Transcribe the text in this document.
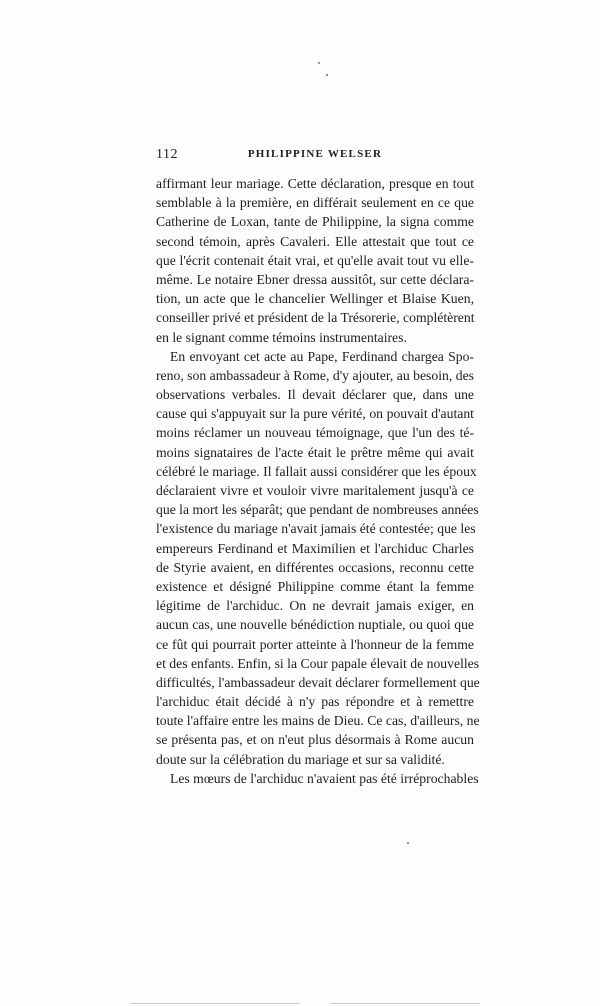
112	PHILIPPINE WELSER
affirmant leur mariage. Cette déclaration, presque en tout
semblable à la première, en différait seulement en ce que
Catherine de Loxan, tante de Philippine, la signa comme
second témoin, après Cavaleri. Elle attestait que tout ce
que l'écrit contenait était vrai, et qu'elle avait tout vu elle-
même. Le notaire Ebner dressa aussitôt, sur cette déclara-
tion, un acte que le chancelier Wellinger et Blaise Kuen,
conseiller privé et président de la Trésorerie, complétèrent
en le signant comme témoins instrumentaires.
En envoyant cet acte au Pape, Ferdinand chargea Spo-
reno, son ambassadeur à Rome, d'y ajouter, au besoin, des
observations verbales. Il devait déclarer que, dans une
cause qui s'appuyait sur la pure vérité, on pouvait d'autant
moins réclamer un nouveau témoignage, que l'un des té-
moins signataires de l'acte était le prêtre même qui avait
célébré le mariage. Il fallait aussi considérer que les époux
déclaraient vivre et vouloir vivre maritalement jusqu'à ce
que la mort les séparât; que pendant de nombreuses années
l'existence du mariage n'avait jamais été contestée; que les
empereurs Ferdinand et Maximilien et l'archiduc Charles
de Styrie avaient, en différentes occasions, reconnu cette
existence et désigné Philippine comme étant la femme
légitime de l'archiduc. On ne devrait jamais exiger, en
aucun cas, une nouvelle bénédiction nuptiale, ou quoi que
ce fût qui pourrait porter atteinte à l'honneur de la femme
et des enfants. Enfin, si la Cour papale élevait de nouvelles
difficultés, l'ambassadeur devait déclarer formellement que
l'archiduc était décidé à n'y pas répondre et à remettre
toute l'affaire entre les mains de Dieu. Ce cas, d'ailleurs, ne
se présenta pas, et on n'eut plus désormais à Rome aucun
doute sur la célébration du mariage et sur sa validité.
Les mœurs de l'archiduc n'avaient pas été irréprochables
